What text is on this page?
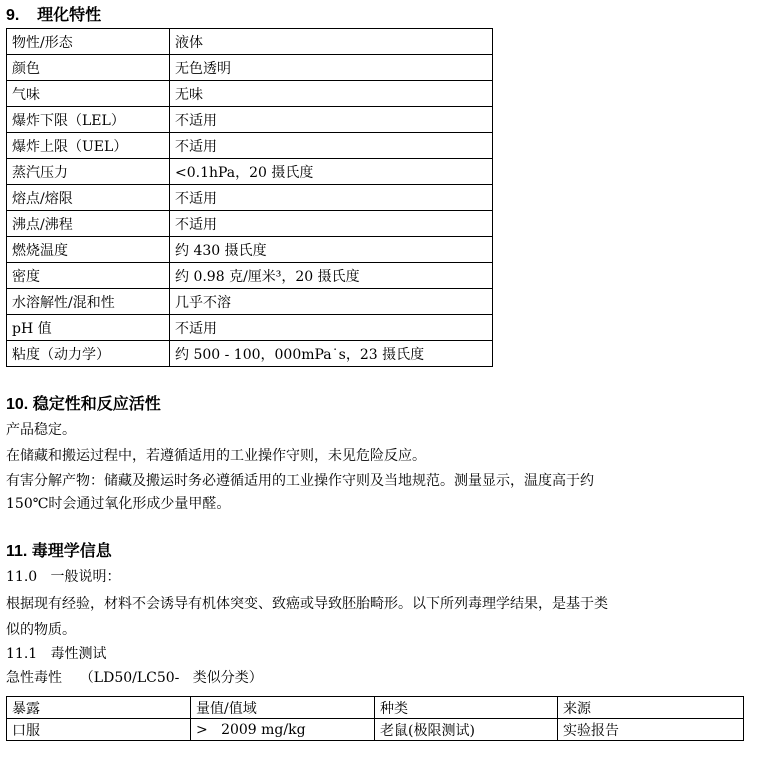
9.    理化特性
物性/形态	液体
颜色	无色透明
气味	无味
爆炸下限（LEL）	不适用
爆炸上限（UEL）	不适用
蒸汽压力	<0.1hPa，20 摄氏度
熔点/熔限	不适用
沸点/沸程	不适用
燃烧温度	约 430 摄氏度
密度	约 0.98 克/厘米³，20 摄氏度
水溶解性/混和性	几乎不溶
pH 值	不适用
粘度（动力学）	约 500 - 100，000mPa˙s，23 摄氏度
10. 稳定性和反应活性
产品稳定。
在储藏和搬运过程中，若遵循适用的工业操作守则，未见危险反应。
有害分解产物：储藏及搬运时务必遵循适用的工业操作守则及当地规范。测量显示，温度高于约
150℃时会通过氧化形成少量甲醛。
11. 毒理学信息
11.0   一般说明：
根据现有经验，材料不会诱导有机体突变、致癌或导致胚胎畸形。以下所列毒理学结果，是基于类
似的物质。
11.1   毒性测试
急性毒性    （LD50/LC50-   类似分类）
暴露	量值/值域	种类	来源
口服	>   2009 mg/kg	老鼠(极限测试)	实验报告
